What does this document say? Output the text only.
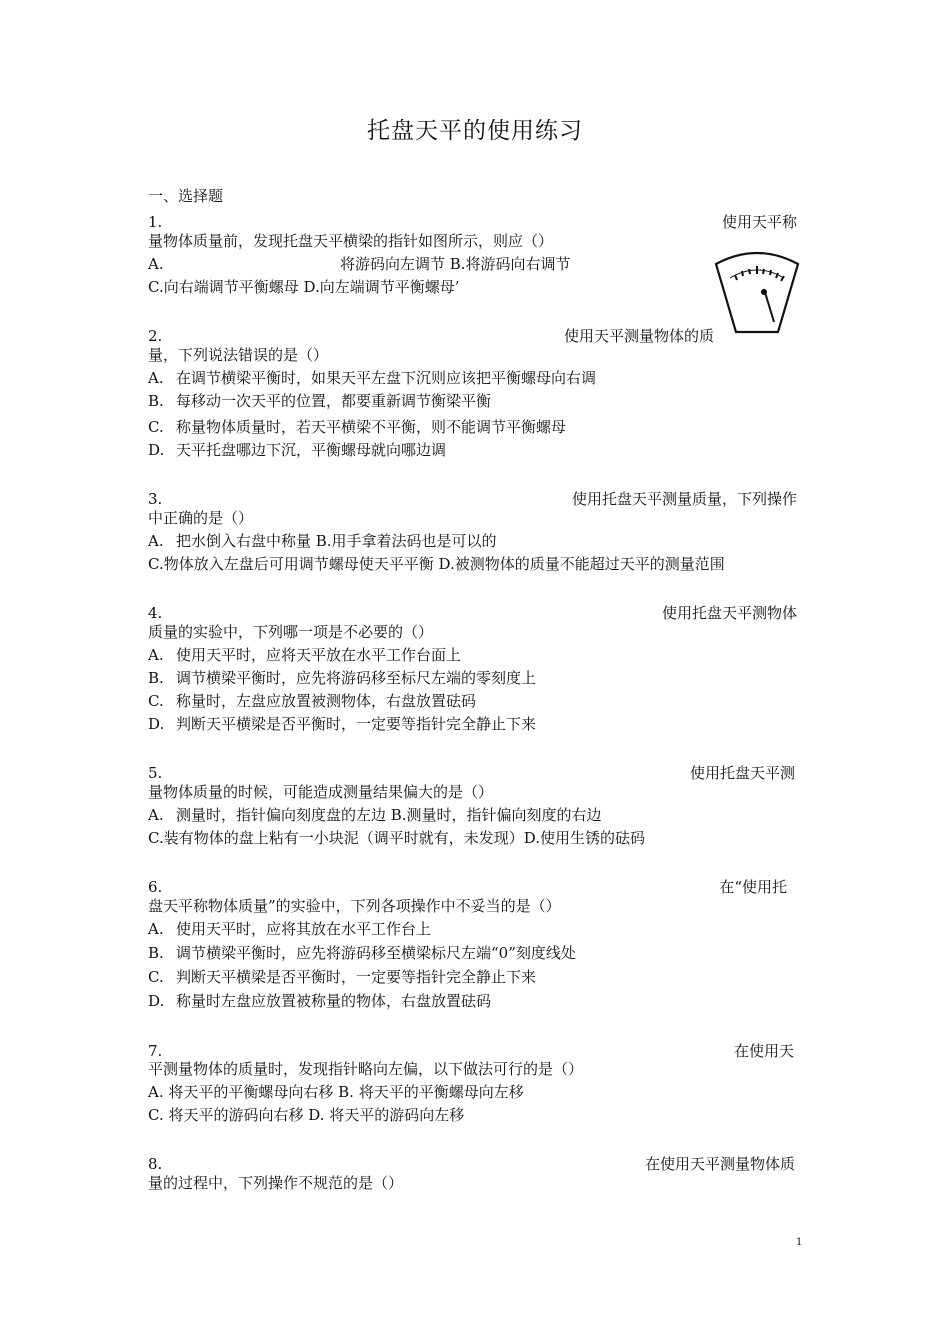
托盘天平的使用练习
一、选择题
1.	使用天平称
量物体质量前，发现托盘天平横梁的指针如图所示，则应（）
A.	将游码向左调节 B.将游码向右调节
C.向右端调节平衡螺母 D.向左端调节平衡螺母’
2.	使用天平测量物体的质
量，下列说法错误的是（）
A. 在调节横梁平衡时，如果天平左盘下沉则应该把平衡螺母向右调
B. 每移动一次天平的位置，都要重新调节衡梁平衡
C. 称量物体质量时，若天平横梁不平衡，则不能调节平衡螺母
D. 天平托盘哪边下沉，平衡螺母就向哪边调
3.	使用托盘天平测量质量，下列操作
中正确的是（）
A. 把水倒入右盘中称量 B.用手拿着法码也是可以的
C.物体放入左盘后可用调节螺母使天平平衡 D.被测物体的质量不能超过天平的测量范围
4.	使用托盘天平测物体
质量的实验中，下列哪一项是不必要的（）
A. 使用天平时，应将天平放在水平工作台面上
B. 调节横梁平衡时，应先将游码移至标尺左端的零刻度上
C. 称量时，左盘应放置被测物体，右盘放置砝码
D. 判断天平横梁是否平衡时，一定要等指针完全静止下来
5.	使用托盘天平测
量物体质量的时候，可能造成测量结果偏大的是（）
A. 测量时，指针偏向刻度盘的左边 B.测量时，指针偏向刻度的右边
C.装有物体的盘上粘有一小块泥（调平时就有，未发现）D.使用生锈的砝码
6.	在“使用托
盘天平称物体质量”的实验中，下列各项操作中不妥当的是（）
A. 使用天平时，应将其放在水平工作台上
B. 调节横梁平衡时，应先将游码移至横梁标尺左端“0”刻度线处
C. 判断天平横梁是否平衡时，一定要等指针完全静止下来
D. 称量时左盘应放置被称量的物体，右盘放置砝码
7.	在使用天
平测量物体的质量时，发现指针略向左偏，以下做法可行的是（）
A. 将天平的平衡螺母向右移 B. 将天平的平衡螺母向左移
C. 将天平的游码向右移 D. 将天平的游码向左移
8.	在使用天平测量物体质
量的过程中，下列操作不规范的是（）
1
